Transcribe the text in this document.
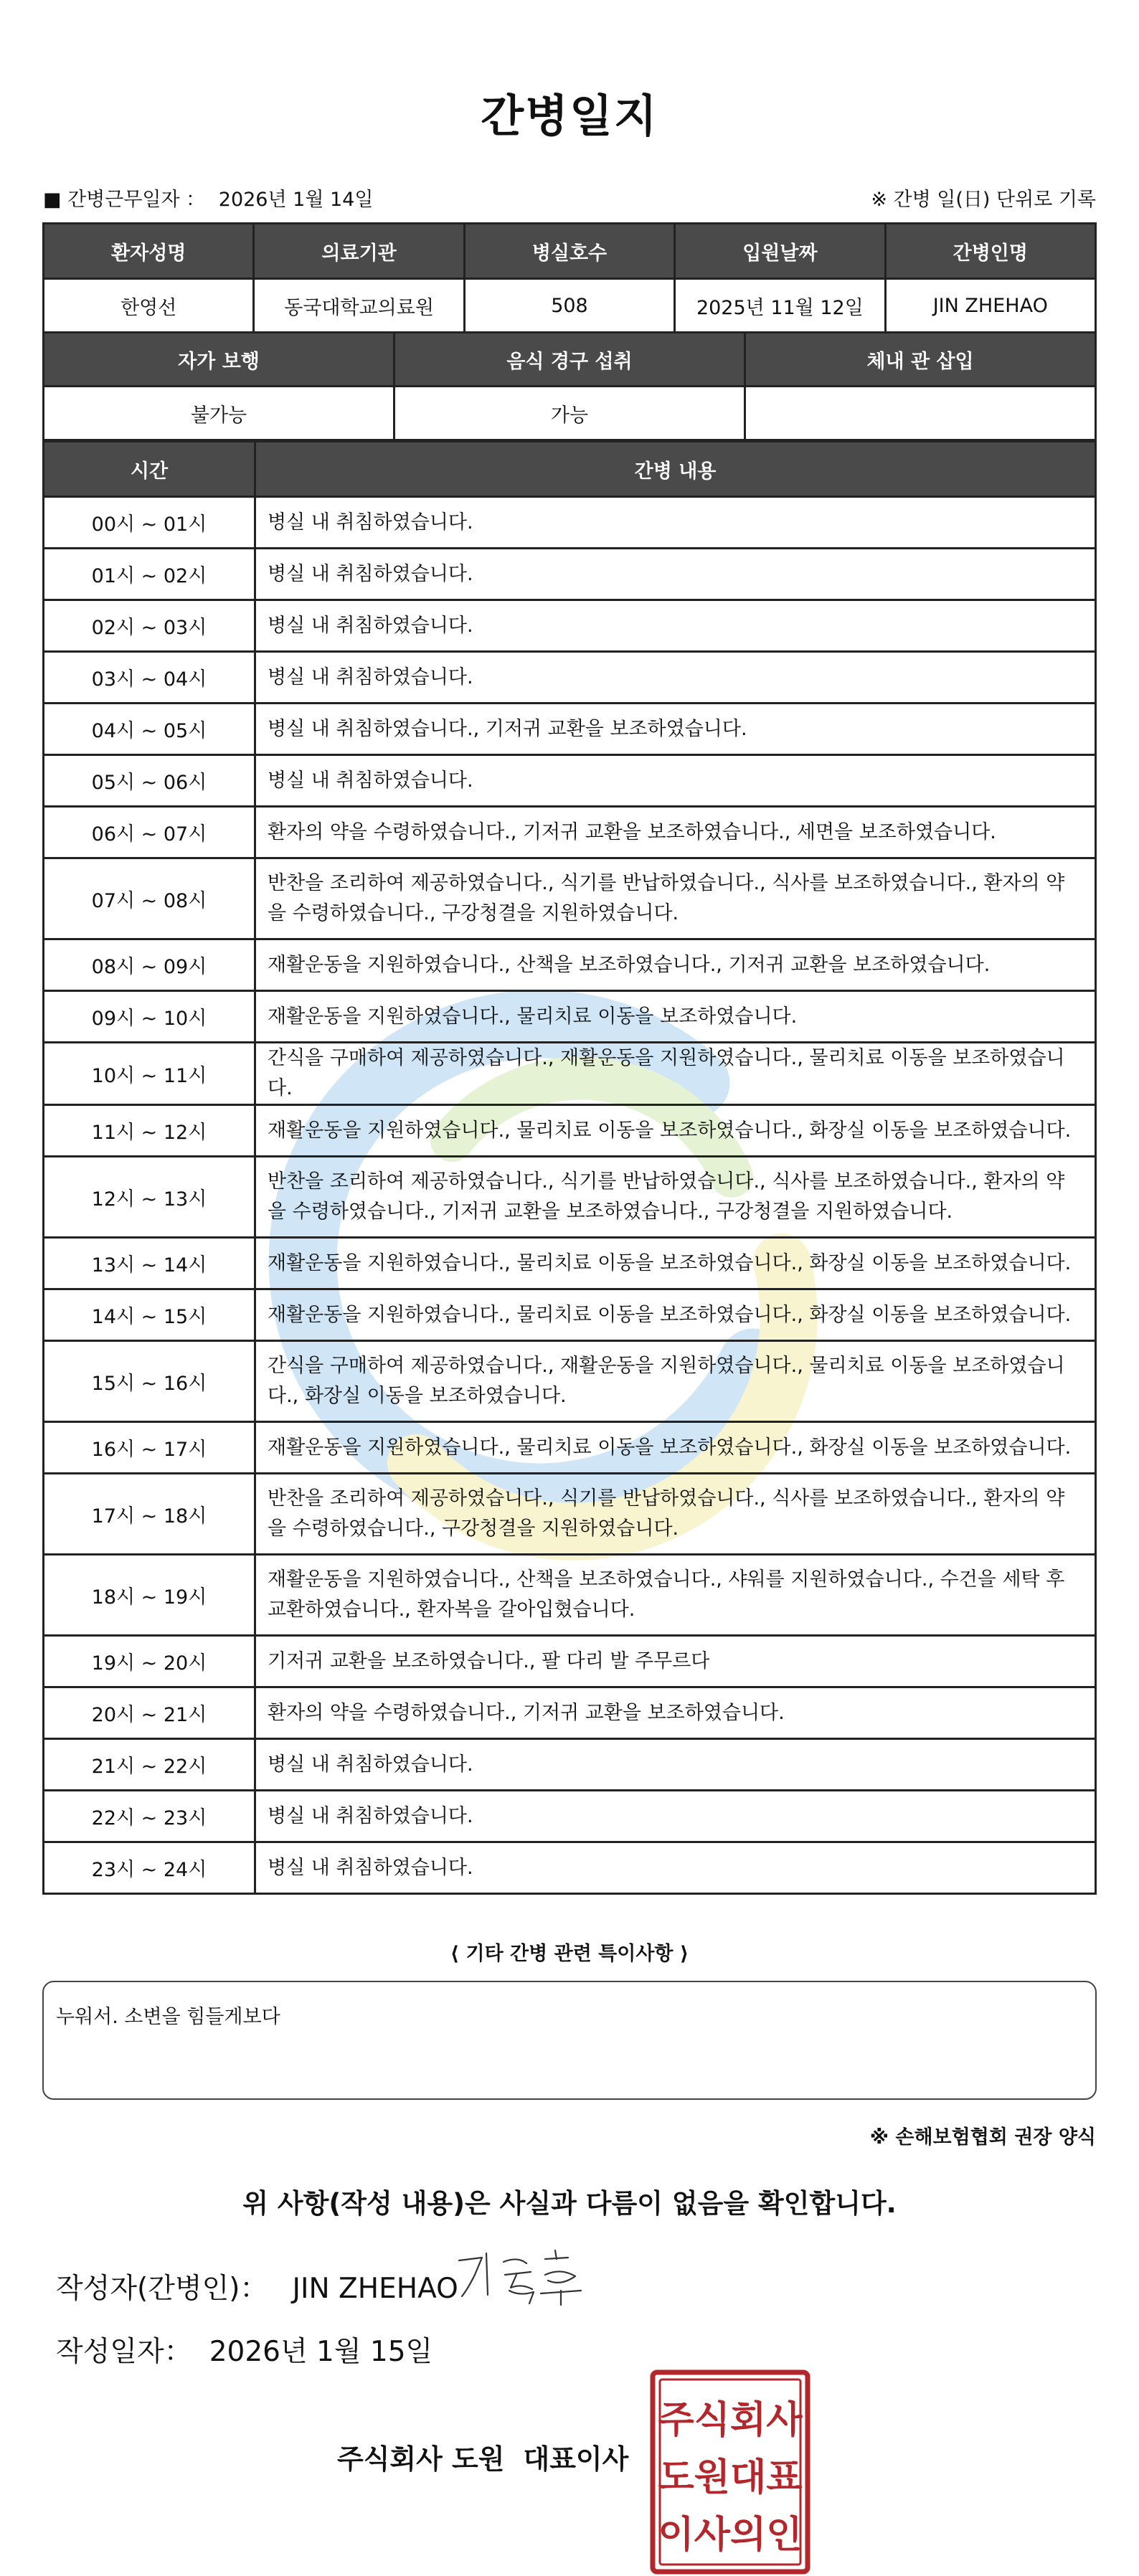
간병일지
■ 간병근무일자 ： 2026년 1월 14일	※ 간병 일(日) 단위로 기록
환자성명	의료기관	병실호수	입원날짜	간병인명
한영선	동국대학교의료원	508	2025년 11월 12일	JIN ZHEHAO
자가 보행	음식 경구 섭취	체내 관 삽입
불가능	가능	
시간	간병 내용
00시 ~ 01시	병실 내 취침하였습니다.
01시 ~ 02시	병실 내 취침하였습니다.
02시 ~ 03시	병실 내 취침하였습니다.
03시 ~ 04시	병실 내 취침하였습니다.
04시 ~ 05시	병실 내 취침하였습니다., 기저귀 교환을 보조하였습니다.
05시 ~ 06시	병실 내 취침하였습니다.
06시 ~ 07시	환자의 약을 수령하였습니다., 기저귀 교환을 보조하였습니다., 세면을 보조하였습니다.
07시 ~ 08시	반찬을 조리하여 제공하였습니다., 식기를 반납하였습니다., 식사를 보조하였습니다., 환자의 약을 수령하였습니다., 구강청결을 지원하였습니다.
08시 ~ 09시	재활운동을 지원하였습니다., 산책을 보조하였습니다., 기저귀 교환을 보조하였습니다.
09시 ~ 10시	재활운동을 지원하였습니다., 물리치료 이동을 보조하였습니다.
10시 ~ 11시	간식을 구매하여 제공하였습니다., 재활운동을 지원하였습니다., 물리치료 이동을 보조하였습니다.
11시 ~ 12시	재활운동을 지원하였습니다., 물리치료 이동을 보조하였습니다., 화장실 이동을 보조하였습니다.
12시 ~ 13시	반찬을 조리하여 제공하였습니다., 식기를 반납하였습니다., 식사를 보조하였습니다., 환자의 약을 수령하였습니다., 기저귀 교환을 보조하였습니다., 구강청결을 지원하였습니다.
13시 ~ 14시	재활운동을 지원하였습니다., 물리치료 이동을 보조하였습니다., 화장실 이동을 보조하였습니다.
14시 ~ 15시	재활운동을 지원하였습니다., 물리치료 이동을 보조하였습니다., 화장실 이동을 보조하였습니다.
15시 ~ 16시	간식을 구매하여 제공하였습니다., 재활운동을 지원하였습니다., 물리치료 이동을 보조하였습니다., 화장실 이동을 보조하였습니다.
16시 ~ 17시	재활운동을 지원하였습니다., 물리치료 이동을 보조하였습니다., 화장실 이동을 보조하였습니다.
17시 ~ 18시	반찬을 조리하여 제공하였습니다., 식기를 반납하였습니다., 식사를 보조하였습니다., 환자의 약을 수령하였습니다., 구강청결을 지원하였습니다.
18시 ~ 19시	재활운동을 지원하였습니다., 산책을 보조하였습니다., 샤워를 지원하였습니다., 수건을 세탁 후 교환하였습니다., 환자복을 갈아입혔습니다.
19시 ~ 20시	기저귀 교환을 보조하였습니다., 팔 다리 발 주무르다
20시 ~ 21시	환자의 약을 수령하였습니다., 기저귀 교환을 보조하였습니다.
21시 ~ 22시	병실 내 취침하였습니다.
22시 ~ 23시	병실 내 취침하였습니다.
23시 ~ 24시	병실 내 취침하였습니다.
⟨ 기타 간병 관련 특이사항 ⟩
누워서. 소변을 힘들게보다
※ 손해보험협회 권장 양식
위 사항(작성 내용)은 사실과 다름이 없음을 확인합니다.
작성자(간병인)： JIN ZHEHAO
작성일자： 2026년 1월 15일
주식회사 도원 대표이사
주식회사
도원대표
이사의인
